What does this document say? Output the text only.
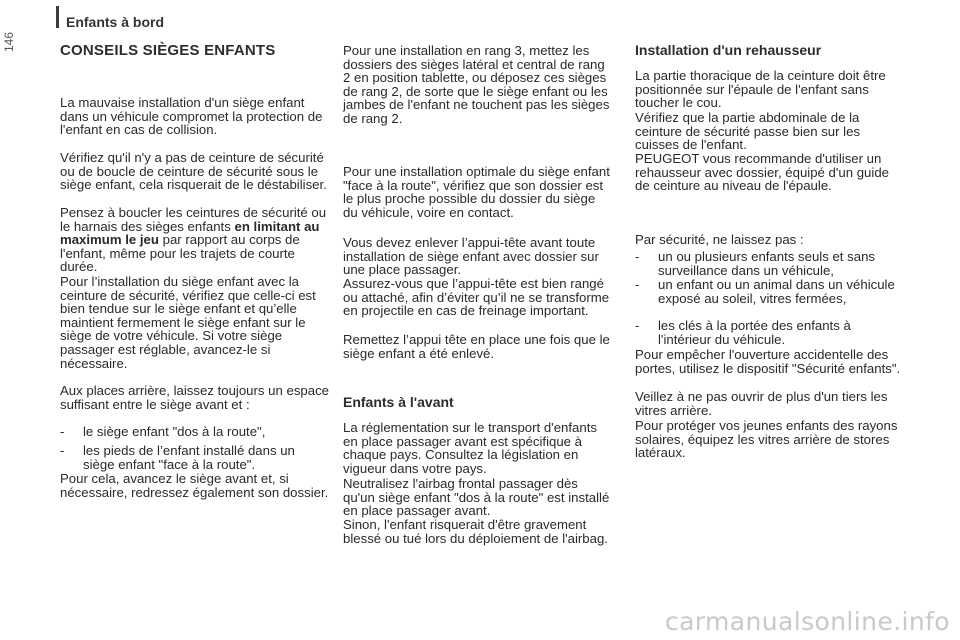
Enfants à bord
146	CONSEILS SIÈGES ENFANTS

La mauvaise installation d'un siège enfant dans un véhicule compromet la protection de l'enfant en cas de collision.

Vérifiez qu'il n'y a pas de ceinture de sécurité ou de boucle de ceinture de sécurité sous le siège enfant, cela risquerait de le déstabiliser.

Pensez à boucler les ceintures de sécurité ou le harnais des sièges enfants en limitant au maximum le jeu par rapport au corps de l'enfant, même pour les trajets de courte durée.

Pour l’installation du siège enfant avec la ceinture de sécurité, vérifiez que celle-ci est bien tendue sur le siège enfant et qu’elle maintient fermement le siège enfant sur le siège de votre véhicule. Si votre siège passager est réglable, avancez-le si nécessaire.

Aux places arrière, laissez toujours un espace suffisant entre le siège avant et :

- le siège enfant "dos à la route",
- les pieds de l’enfant installé dans un siège enfant "face à la route".

Pour cela, avancez le siège avant et, si nécessaire, redressez également son dossier.

Pour une installation en rang 3, mettez les dossiers des sièges latéral et central de rang 2 en position tablette, ou déposez ces sièges de rang 2, de sorte que le siège enfant ou les jambes de l'enfant ne touchent pas les sièges de rang 2.

Pour une installation optimale du siège enfant "face à la route", vérifiez que son dossier est le plus proche possible du dossier du siège du véhicule, voire en contact.

Vous devez enlever l’appui-tête avant toute installation de siège enfant avec dossier sur une place passager.

Assurez-vous que l’appui-tête est bien rangé ou attaché, afin d’éviter qu’il ne se transforme en projectile en cas de freinage important.

Remettez l’appui tête en place une fois que le siège enfant a été enlevé.

Enfants à l'avant

La réglementation sur le transport d'enfants en place passager avant est spécifique à chaque pays. Consultez la législation en vigueur dans votre pays.

Neutralisez l'airbag frontal passager dès qu'un siège enfant "dos à la route" est installé en place passager avant.

Sinon, l'enfant risquerait d'être gravement blessé ou tué lors du déploiement de l'airbag.

Installation d'un rehausseur

La partie thoracique de la ceinture doit être positionnée sur l'épaule de l'enfant sans toucher le cou.

Vérifiez que la partie abdominale de la ceinture de sécurité passe bien sur les cuisses de l'enfant.

PEUGEOT vous recommande d'utiliser un rehausseur avec dossier, équipé d'un guide de ceinture au niveau de l'épaule.

Par sécurité, ne laissez pas :

- un ou plusieurs enfants seuls et sans surveillance dans un véhicule,
- un enfant ou un animal dans un véhicule exposé au soleil, vitres fermées,
- les clés à la portée des enfants à l'intérieur du véhicule.

Pour empêcher l'ouverture accidentelle des portes, utilisez le dispositif "Sécurité enfants".

Veillez à ne pas ouvrir de plus d'un tiers les vitres arrière.

Pour protéger vos jeunes enfants des rayons solaires, équipez les vitres arrière de stores latéraux.

carmanualsonline.info
